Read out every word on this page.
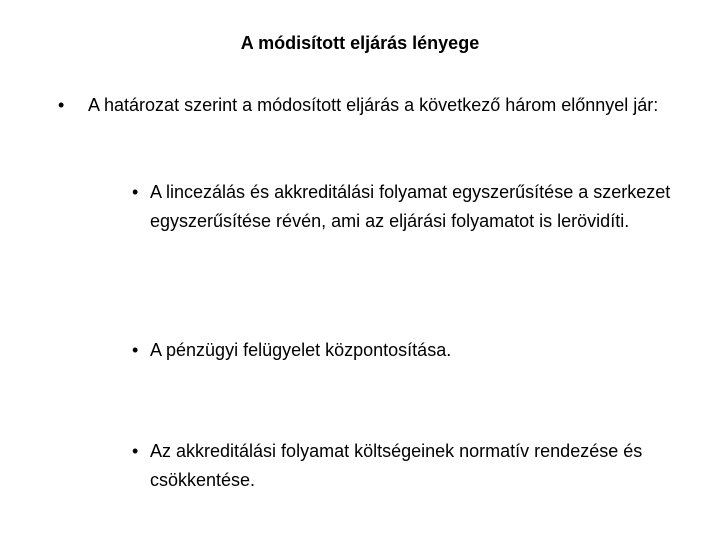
A módisított eljárás lényege
• A határozat szerint a módosított eljárás a következő három előnnyel jár:
• A lincezálás és akkreditálási folyamat egyszerűsítése a szerkezet egyszerűsítése révén, ami az eljárási folyamatot is lerövidíti.
• A pénzügyi felügyelet központosítása.
• Az akkreditálási folyamat költségeinek normatív rendezése és csökkentése.
